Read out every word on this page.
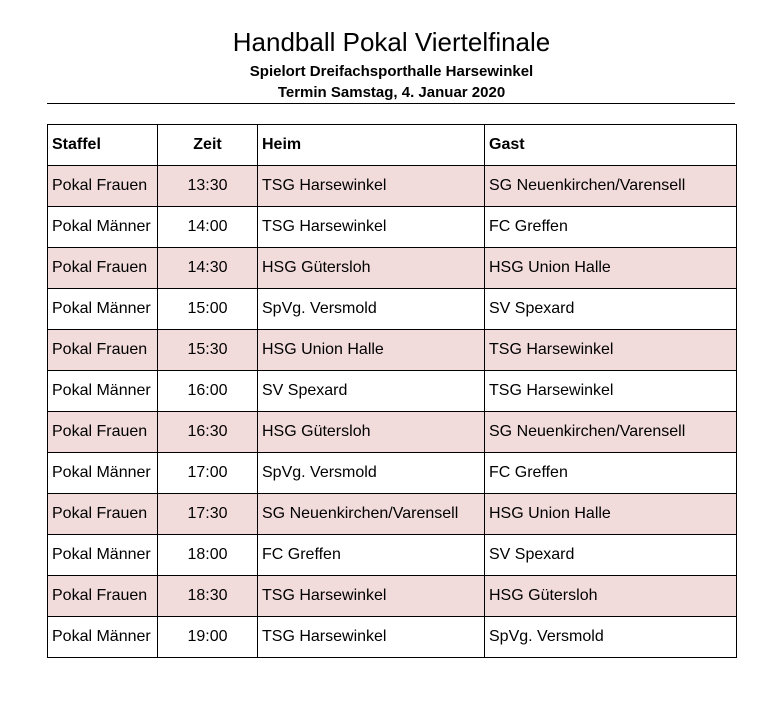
Handball Pokal Viertelfinale
Spielort Dreifachsporthalle Harsewinkel
Termin Samstag, 4. Januar 2020
Staffel	Zeit	Heim	Gast
Pokal Frauen	13:30	TSG Harsewinkel	SG Neuenkirchen/Varensell
Pokal Männer	14:00	TSG Harsewinkel	FC Greffen
Pokal Frauen	14:30	HSG Gütersloh	HSG Union Halle
Pokal Männer	15:00	SpVg. Versmold	SV Spexard
Pokal Frauen	15:30	HSG Union Halle	TSG Harsewinkel
Pokal Männer	16:00	SV Spexard	TSG Harsewinkel
Pokal Frauen	16:30	HSG Gütersloh	SG Neuenkirchen/Varensell
Pokal Männer	17:00	SpVg. Versmold	FC Greffen
Pokal Frauen	17:30	SG Neuenkirchen/Varensell	HSG Union Halle
Pokal Männer	18:00	FC Greffen	SV Spexard
Pokal Frauen	18:30	TSG Harsewinkel	HSG Gütersloh
Pokal Männer	19:00	TSG Harsewinkel	SpVg. Versmold
